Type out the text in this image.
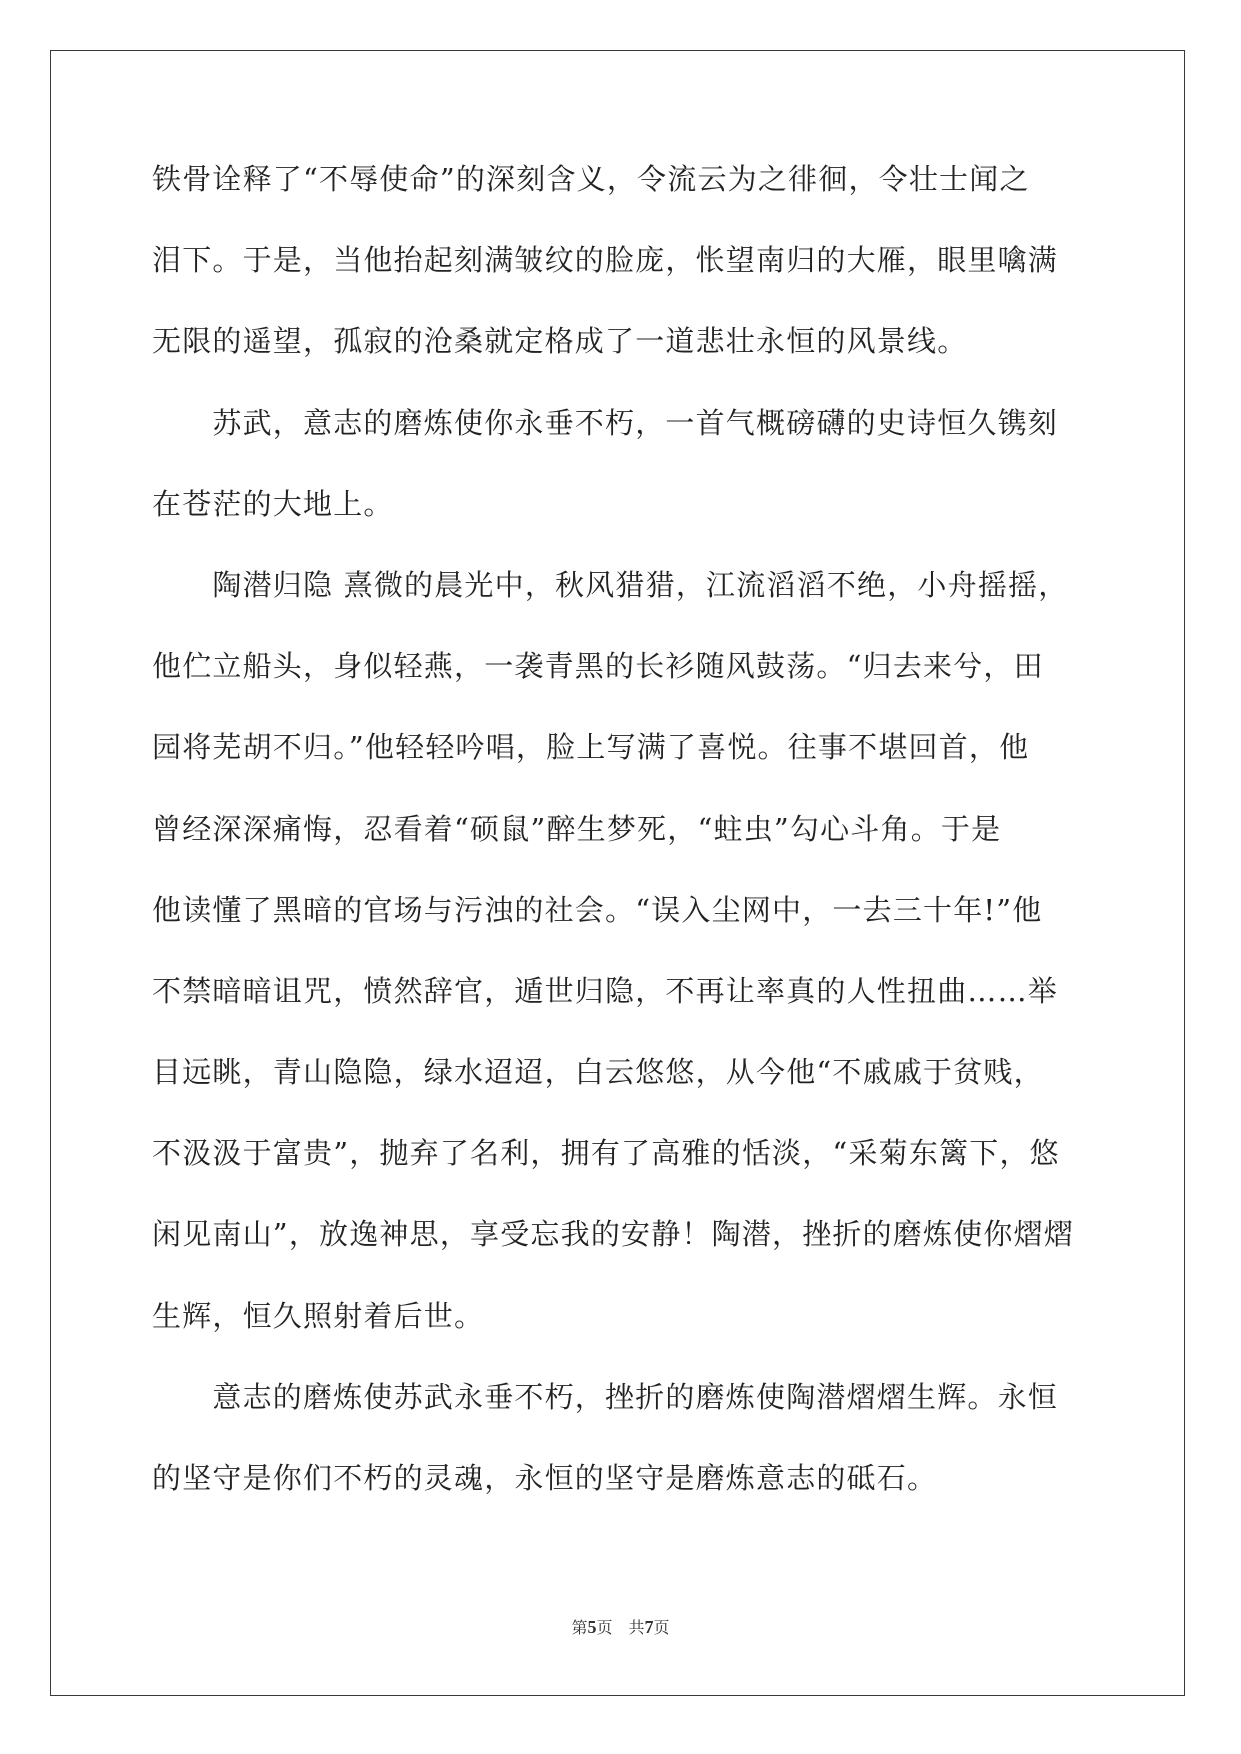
铁骨诠释了“不辱使命”的深刻含义，令流云为之徘徊，令壮士闻之
泪下。于是，当他抬起刻满皱纹的脸庞，怅望南归的大雁，眼里噙满
无限的遥望，孤寂的沧桑就定格成了一道悲壮永恒的风景线。
　　苏武，意志的磨炼使你永垂不朽，一首气概磅礴的史诗恒久镌刻
在苍茫的大地上。
　　陶潜归隐 熹微的晨光中，秋风猎猎，江流滔滔不绝，小舟摇摇，
他伫立船头，身似轻燕，一袭青黑的长衫随风鼓荡。“归去来兮，田
园将芜胡不归。”他轻轻吟唱，脸上写满了喜悦。往事不堪回首，他
曾经深深痛悔，忍看着“硕鼠”醉生梦死，“蛀虫”勾心斗角。于是
他读懂了黑暗的官场与污浊的社会。“误入尘网中，一去三十年!”他
不禁暗暗诅咒，愤然辞官，遁世归隐，不再让率真的人性扭曲……举
目远眺，青山隐隐，绿水迢迢，白云悠悠，从今他“不戚戚于贫贱，
不汲汲于富贵”，抛弃了名利，拥有了高雅的恬淡，“采菊东篱下，悠
闲见南山”，放逸神思，享受忘我的安静！陶潜，挫折的磨炼使你熠熠
生辉，恒久照射着后世。
　　意志的磨炼使苏武永垂不朽，挫折的磨炼使陶潜熠熠生辉。永恒
的坚守是你们不朽的灵魂，永恒的坚守是磨炼意志的砥石。
第5页　共7页
